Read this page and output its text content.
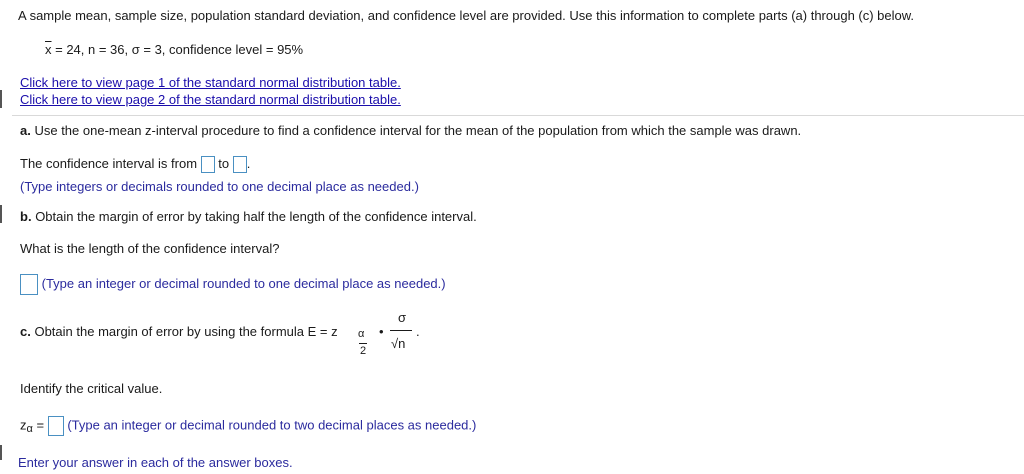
A sample mean, sample size, population standard deviation, and confidence level are provided. Use this information to complete parts (a) through (c) below.
$\overline{x} = 24$, n = 36, σ = 3, confidence level = 95%
Click here to view page 1 of the standard normal distribution table.
Click here to view page 2 of the standard normal distribution table.
a. Use the one-mean z-interval procedure to find a confidence interval for the mean of the population from which the sample was drawn.
The confidence interval is from to .
(Type integers or decimals rounded to one decimal place as needed.)
b. Obtain the margin of error by taking half the length of the confidence interval.
What is the length of the confidence interval?
(Type an integer or decimal rounded to one decimal place as needed.)
c. Obtain the margin of error by using the formula E = z α
2
•
σ
√n
.
Identify the critical value.
$z_\alpha$ = (Type an integer or decimal rounded to two decimal places as needed.)
Enter your answer in each of the answer boxes.
